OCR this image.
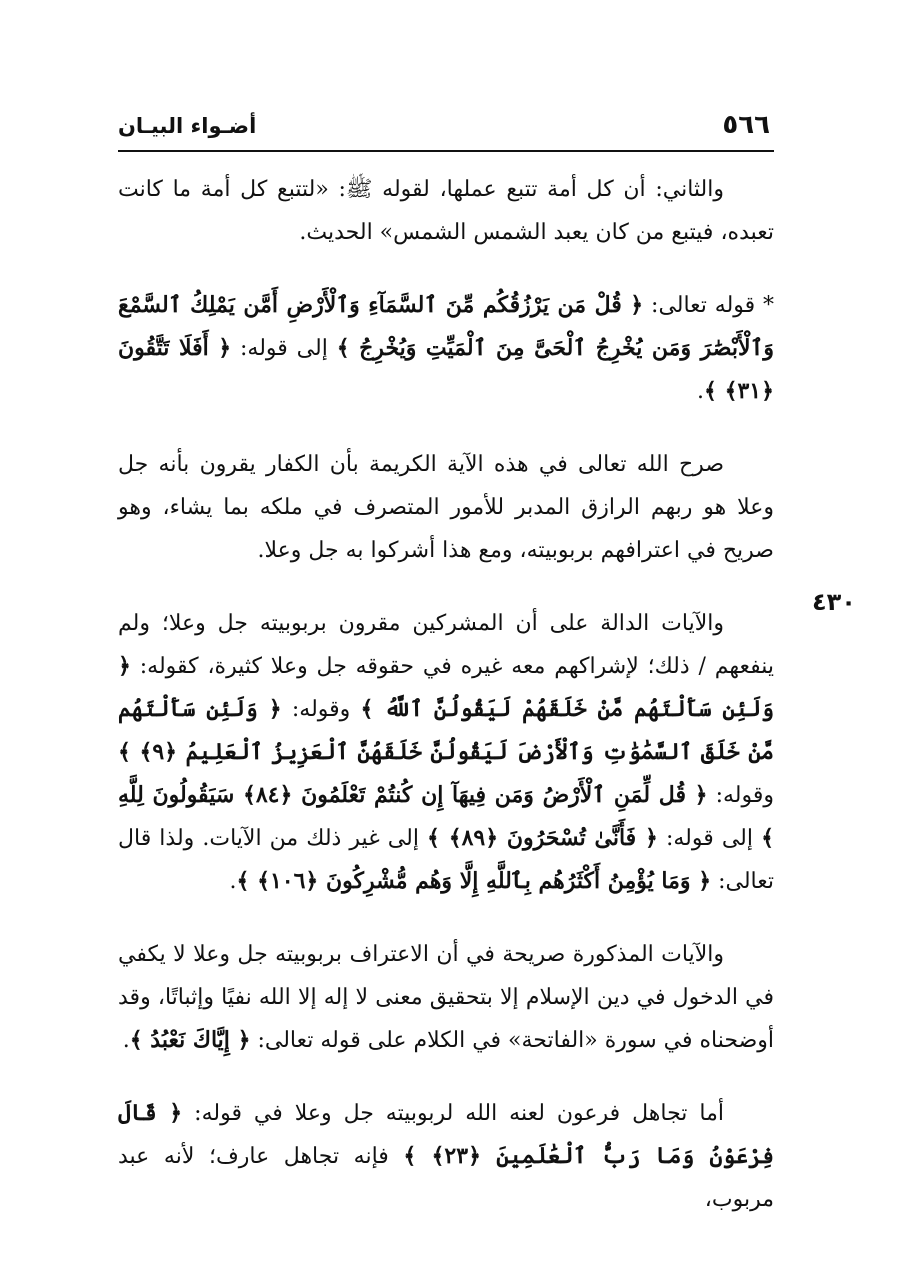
أضـواء البيـان	٥٦٦
٤٣٠

والثاني: أن كل أمة تتبع عملها، لقوله ﷺ: «لتتبع كل أمة ما كانت تعبده، فيتبع من كان يعبد الشمس الشمس» الحديث.

* قوله تعالى: ﴿ قُلْ مَن يَرْزُقُكُم مِّنَ ٱلسَّمَآءِ وَٱلْأَرْضِ أَمَّن يَمْلِكُ ٱلسَّمْعَ وَٱلْأَبْصَٰرَ وَمَن يُخْرِجُ ٱلْحَىَّ مِنَ ٱلْمَيِّتِ وَيُخْرِجُ ﴾ إلى قوله: ﴿ أَفَلَا تَتَّقُونَ ﴿٣١﴾ ﴾.

صرح الله تعالى في هذه الآية الكريمة بأن الكفار يقرون بأنه جل وعلا هو ربهم الرازق المدبر للأمور المتصرف في ملكه بما يشاء، وهو صريح في اعترافهم بربوبيته، ومع هذا أشركوا به جل وعلا.

والآيات الدالة على أن المشركين مقرون بربوبيته جل وعلا؛ ولم ينفعهم / ذلك؛ لإشراكهم معه غيره في حقوقه جل وعلا كثيرة، كقوله: ﴿ وَلَئِن سَأَلْتَهُم مَّنْ خَلَقَهُمْ لَيَقُولُنَّ ٱللَّهُ ﴾ وقوله: ﴿ وَلَئِن سَأَلْتَهُم مَّنْ خَلَقَ ٱلسَّمَٰوَٰتِ وَٱلْأَرْضَ لَيَقُولُنَّ خَلَقَهُنَّ ٱلْعَزِيزُ ٱلْعَلِيمُ ﴿٩﴾ ﴾ وقوله: ﴿ قُل لِّمَنِ ٱلْأَرْضُ وَمَن فِيهَآ إِن كُنتُمْ تَعْلَمُونَ ﴿٨٤﴾ سَيَقُولُونَ لِلَّهِ ﴾ إلى قوله: ﴿ فَأَنَّىٰ تُسْحَرُونَ ﴿٨٩﴾ ﴾ إلى غير ذلك من الآيات. ولذا قال تعالى: ﴿ وَمَا يُؤْمِنُ أَكْثَرُهُم بِٱللَّهِ إِلَّا وَهُم مُّشْرِكُونَ ﴿١٠٦﴾ ﴾.

والآيات المذكورة صريحة في أن الاعتراف بربوبيته جل وعلا لا يكفي في الدخول في دين الإسلام إلا بتحقيق معنى لا إله إلا الله نفيًا وإثباتًا، وقد أوضحناه في سورة «الفاتحة» في الكلام على قوله تعالى: ﴿ إِيَّاكَ نَعْبُدُ ﴾.

أما تجاهل فرعون لعنه الله لربوبيته جل وعلا في قوله: ﴿ قَالَ فِرْعَوْنُ وَمَا رَبُّ ٱلْعَٰلَمِينَ ﴿٢٣﴾ ﴾ فإنه تجاهل عارف؛ لأنه عبد مربوب،
